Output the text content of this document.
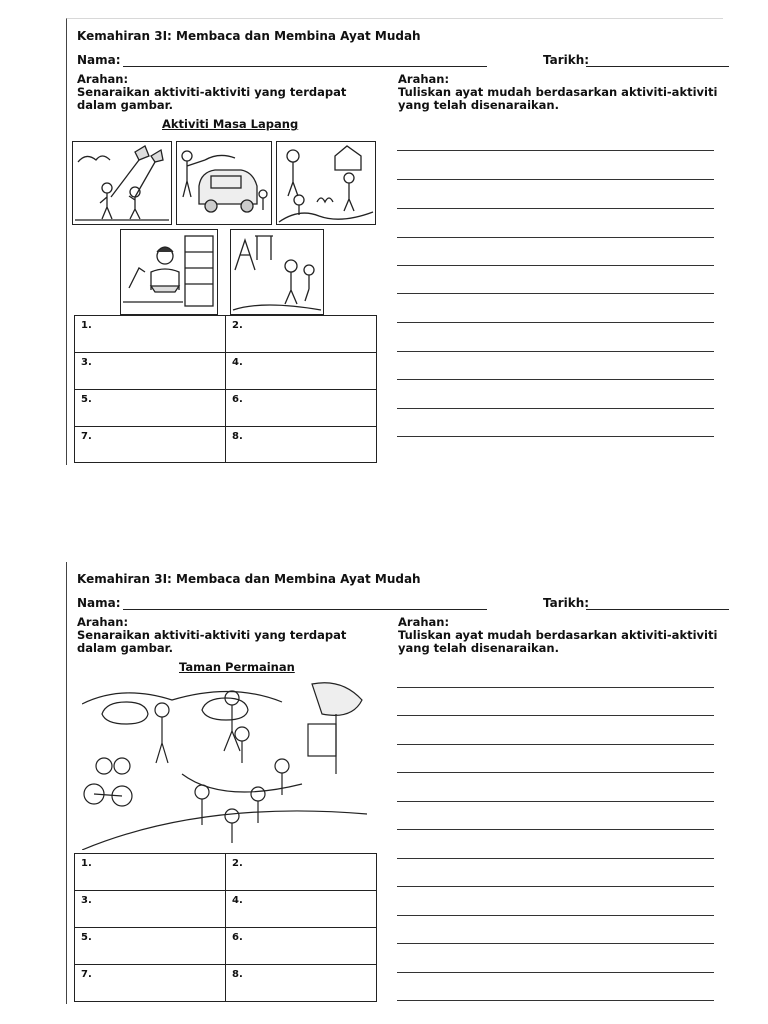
Kemahiran 3I: Membaca dan Membina Ayat Mudah
Nama:	Tarikh:
Arahan:
Senaraikan aktiviti-aktiviti yang terdapat dalam gambar.
Arahan:
Tuliskan ayat mudah berdasarkan aktiviti-aktiviti yang telah disenaraikan.
Aktiviti Masa Lapang
1.	2.
3.	4.
5.	6.
7.	8.
Kemahiran 3I: Membaca dan Membina Ayat Mudah
Nama:	Tarikh:
Arahan:
Senaraikan aktiviti-aktiviti yang terdapat dalam gambar.
Arahan:
Tuliskan ayat mudah berdasarkan aktiviti-aktiviti yang telah disenaraikan.
Taman Permainan
1.	2.
3.	4.
5.	6.
7.	8.
